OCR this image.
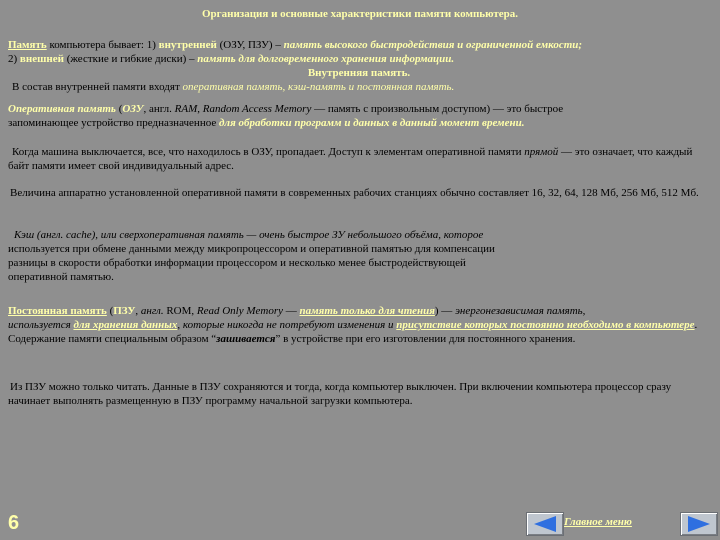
Организация и основные характеристики памяти компьютера.
Память компьютера бывает: 1) внутренней (ОЗУ, ПЗУ) – память высокого быстродействия и ограниченной емкости;
2) внешней (жесткие и гибкие диски) – память для долговременного хранения информации.

Внутренняя память.
В состав внутренней памяти входят оперативная память, кэш-память и постоянная память.
Оперативная память (ОЗУ, англ. RAM, Random Access Memory — память с произвольным доступом) — это быстрое
запоминающее устройство предназначенное для обработки программ и данных в данный момент времени.
Когда машина выключается, все, что находилось в ОЗУ, пропадает. Доступ к элементам оперативной памяти прямой — это означает, что каждый байт памяти имеет свой индивидуальный адрес.
Величина аппаратно установленной оперативной памяти в современных рабочих станциях обычно составляет 16, 32, 64, 128 Мб, 256 Мб, 512 Мб.
Кэш (англ. cache), или сверхоперативная память — очень быстрое ЗУ небольшого объёма, которое
используется при обмене данными между микропроцессором и оперативной памятью для компенсации
разницы в скорости обработки информации процессором и несколько менее быстродействующей
оперативной памятью.
Постоянная память (ПЗУ, англ. ROM, Read Only Memory — память только для чтения) — энергонезависимая память,
используется для хранения данных, которые никогда не потребуют изменения и присутствие которых постоянно необходимо в компьютере. Содержание памяти специальным образом “зашивается” в устройстве при его изготовлении для постоянного хранения.
Из ПЗУ можно только читать. Данные в ПЗУ сохраняются и тогда, когда компьютер выключен. При включении компьютера процессор сразу начинает выполнять размещенную в ПЗУ программу начальной загрузки компьютера.
6	Главное меню
